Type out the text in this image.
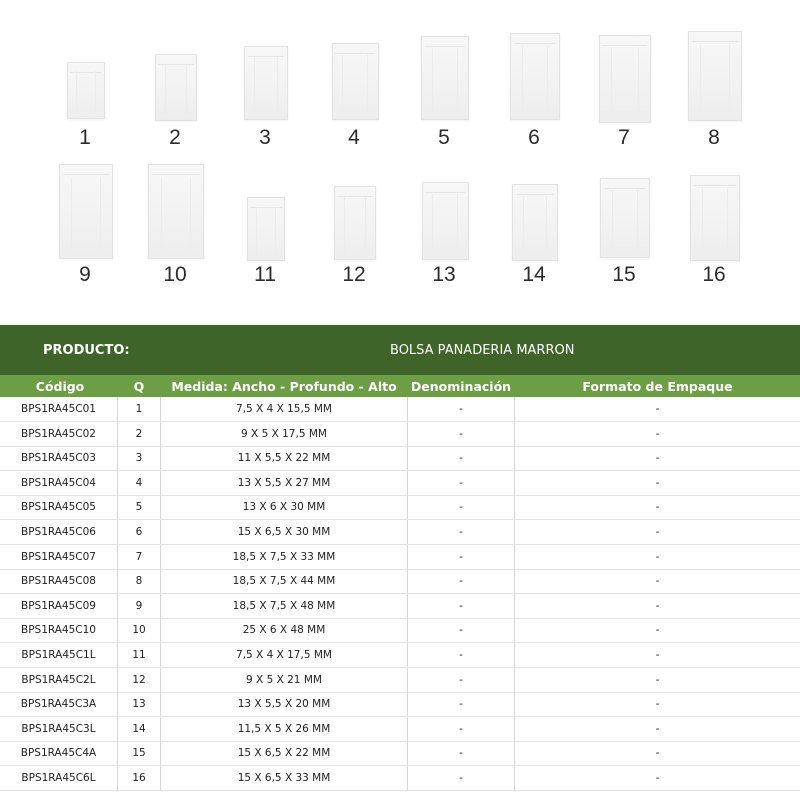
1	2	3	4	5	6	7	8
9	10	11	12	13	14	15	16
PRODUCTO:	BOLSA PANADERIA MARRON
Código	Q	Medida: Ancho - Profundo - Alto	Denominación	Formato de Empaque
BPS1RA45C01	1	7,5 X 4 X 15,5 MM	-	-
BPS1RA45C02	2	9 X 5 X 17,5 MM	-	-
BPS1RA45C03	3	11 X 5,5 X 22 MM	-	-
BPS1RA45C04	4	13 X 5,5 X 27 MM	-	-
BPS1RA45C05	5	13 X 6 X 30 MM	-	-
BPS1RA45C06	6	15 X 6,5 X 30 MM	-	-
BPS1RA45C07	7	18,5 X 7,5 X 33 MM	-	-
BPS1RA45C08	8	18,5 X 7,5 X 44 MM	-	-
BPS1RA45C09	9	18,5 X 7,5 X 48 MM	-	-
BPS1RA45C10	10	25 X 6 X 48 MM	-	-
BPS1RA45C1L	11	7,5 X 4 X 17,5 MM	-	-
BPS1RA45C2L	12	9 X 5 X 21 MM	-	-
BPS1RA45C3A	13	13 X 5,5 X 20 MM	-	-
BPS1RA45C3L	14	11,5 X 5 X 26 MM	-	-
BPS1RA45C4A	15	15 X 6,5 X 22 MM	-	-
BPS1RA45C6L	16	15 X 6,5 X 33 MM	-	-
